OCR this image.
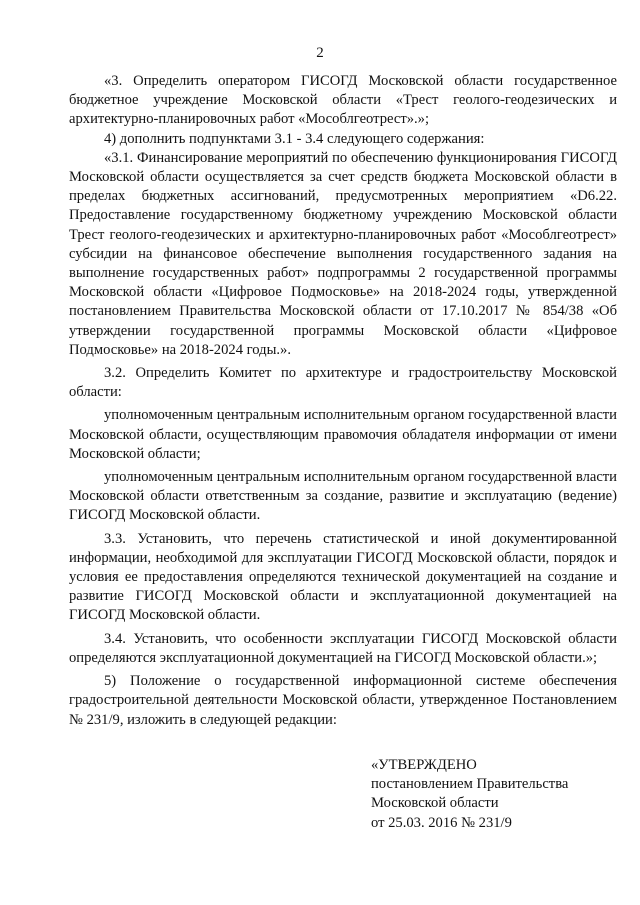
2

«3. Определить оператором ГИСОГД Московской области государственное бюджетное учреждение Московской области «Трест геолого-геодезических и архитектурно-планировочных работ «Мособлгеотрест».»;

4) дополнить подпунктами 3.1 - 3.4 следующего содержания:

«3.1. Финансирование мероприятий по обеспечению функционирования ГИСОГД Московской области осуществляется за счет средств бюджета Московской области в пределах бюджетных ассигнований, предусмотренных мероприятием «D6.22. Предоставление государственному бюджетному учреждению Московской области Трест геолого-геодезических и архитектурно-планировочных работ «Мособлгеотрест» субсидии на финансовое обеспечение выполнения государственного задания на выполнение государственных работ» подпрограммы 2 государственной программы Московской области «Цифровое Подмосковье» на 2018-2024 годы, утвержденной постановлением Правительства Московской области от 17.10.2017 № 854/38 «Об утверждении государственной программы Московской области «Цифровое Подмосковье» на 2018-2024 годы.».

3.2. Определить Комитет по архитектуре и градостроительству Московской области:

уполномоченным центральным исполнительным органом государственной власти Московской области, осуществляющим правомочия обладателя информации от имени Московской области;

уполномоченным центральным исполнительным органом государственной власти Московской области ответственным за создание, развитие и эксплуатацию (ведение) ГИСОГД Московской области.

3.3. Установить, что перечень статистической и иной документированной информации, необходимой для эксплуатации ГИСОГД Московской области, порядок и условия ее предоставления определяются технической документацией на создание и развитие ГИСОГД Московской области и эксплуатационной документацией на ГИСОГД Московской области.

3.4. Установить, что особенности эксплуатации ГИСОГД Московской области определяются эксплуатационной документацией на ГИСОГД Московской области.»;

5) Положение о государственной информационной системе обеспечения градостроительной деятельности Московской области, утвержденное Постановлением № 231/9, изложить в следующей редакции:

«УТВЕРЖДЕНО
постановлением Правительства
Московской области
от 25.03. 2016 № 231/9
